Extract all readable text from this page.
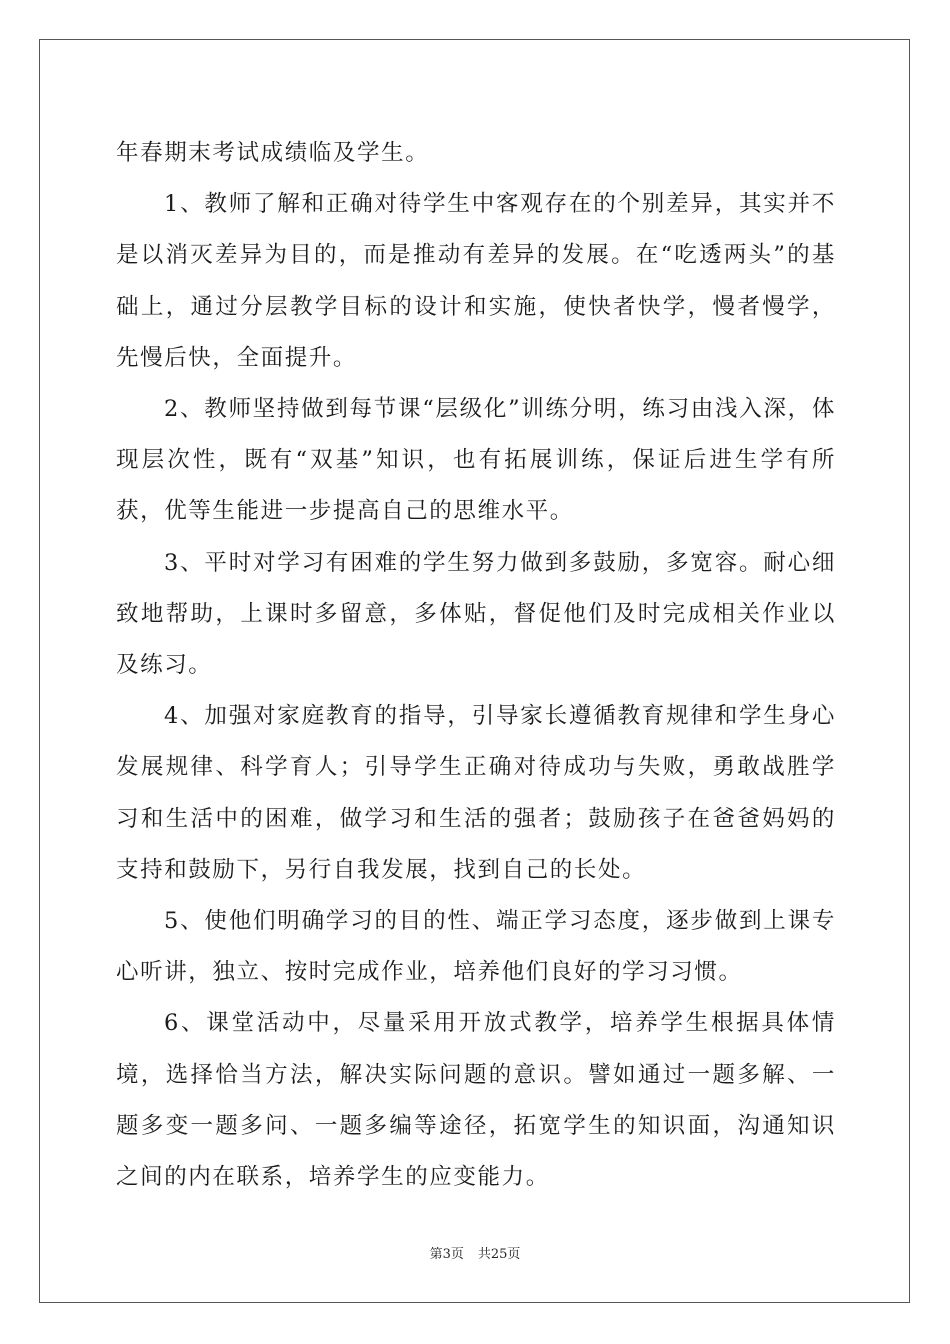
年春期末考试成绩临及学生。

1、教师了解和正确对待学生中客观存在的个别差异，其实并不是以消灭差异为目的，而是推动有差异的发展。在“吃透两头”的基础上，通过分层教学目标的设计和实施，使快者快学，慢者慢学，先慢后快，全面提升。

2、教师坚持做到每节课“层级化”训练分明，练习由浅入深，体现层次性，既有“双基”知识，也有拓展训练，保证后进生学有所获，优等生能进一步提高自己的思维水平。

3、平时对学习有困难的学生努力做到多鼓励，多宽容。耐心细致地帮助，上课时多留意，多体贴，督促他们及时完成相关作业以及练习。

4、加强对家庭教育的指导，引导家长遵循教育规律和学生身心发展规律、科学育人；引导学生正确对待成功与失败，勇敢战胜学习和生活中的困难，做学习和生活的强者；鼓励孩子在爸爸妈妈的支持和鼓励下，另行自我发展，找到自己的长处。

5、使他们明确学习的目的性、端正学习态度，逐步做到上课专心听讲，独立、按时完成作业，培养他们良好的学习习惯。

6、课堂活动中，尽量采用开放式教学，培养学生根据具体情境，选择恰当方法，解决实际问题的意识。譬如通过一题多解、一题多变一题多问、一题多编等途径，拓宽学生的知识面，沟通知识之间的内在联系，培养学生的应变能力。

第3页 共25页
